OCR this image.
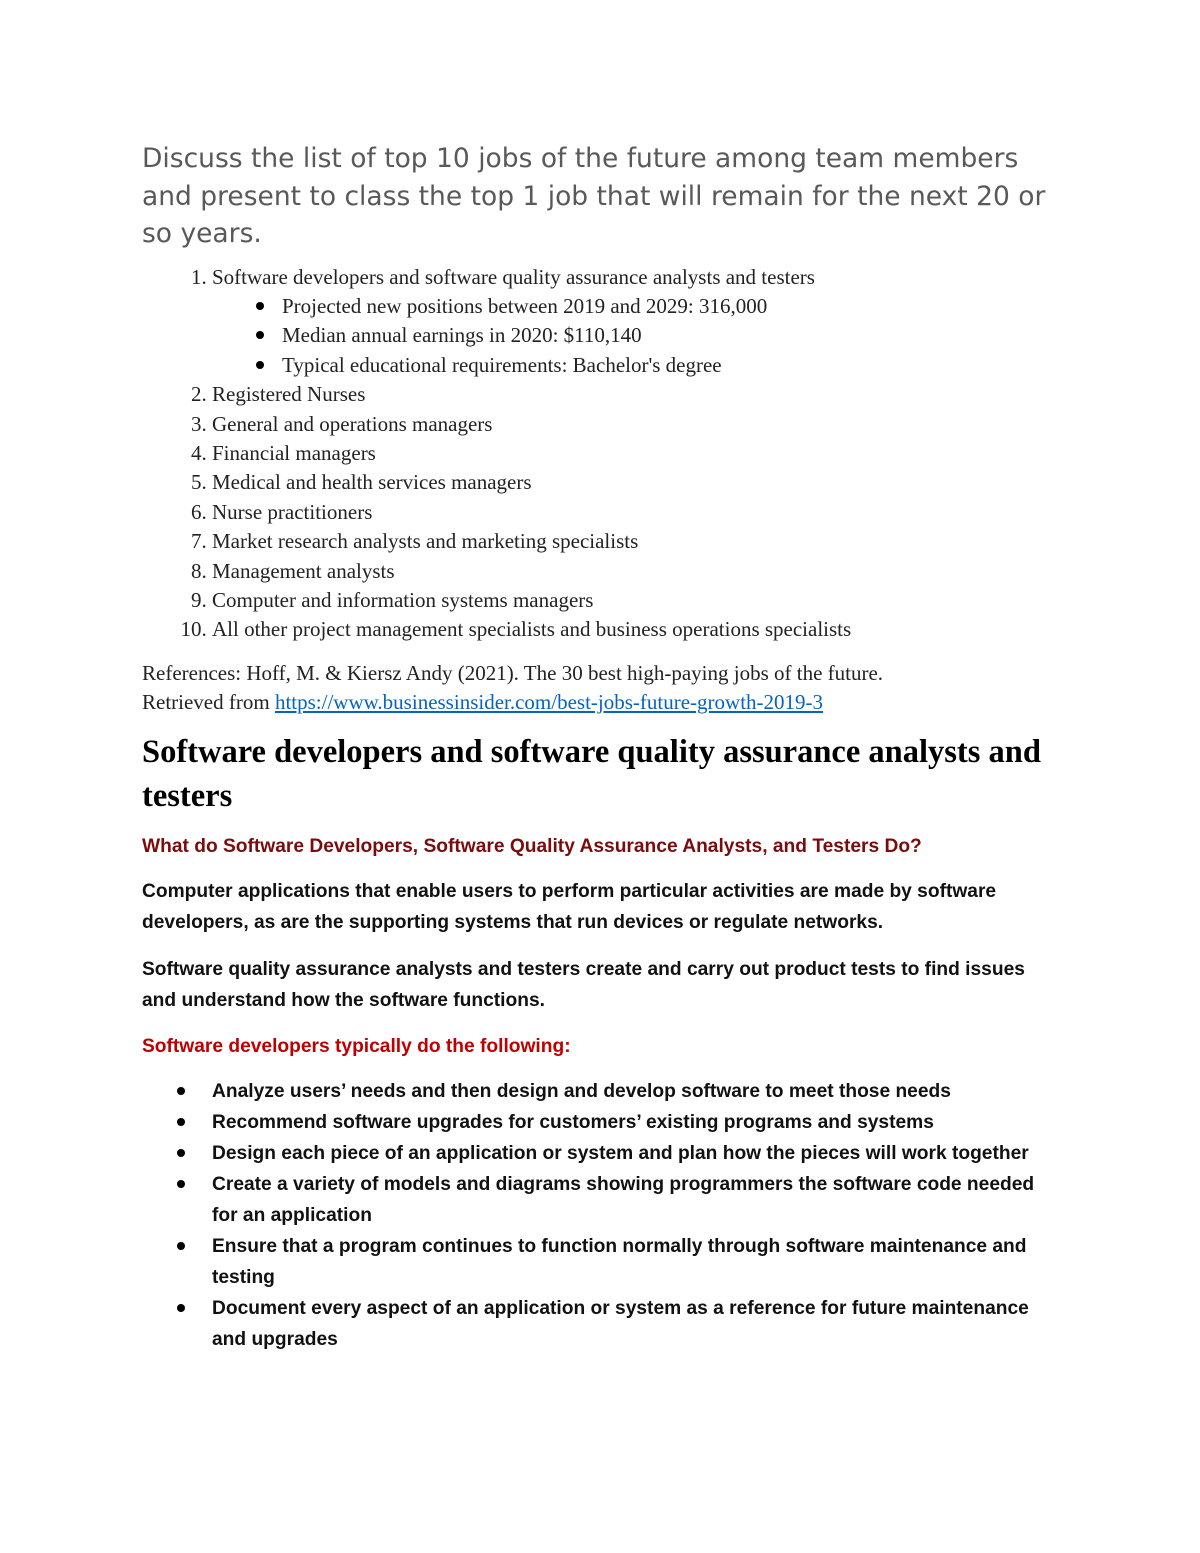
Discuss the list of top 10 jobs of the future among team members and present to class the top 1 job that will remain for the next 20 or so years.

1. Software developers and software quality assurance analysts and testers
Projected new positions between 2019 and 2029: 316,000
Median annual earnings in 2020: $110,140
Typical educational requirements: Bachelor's degree
2. Registered Nurses
3. General and operations managers
4. Financial managers
5. Medical and health services managers
6. Nurse practitioners
7. Market research analysts and marketing specialists
8. Management analysts
9. Computer and information systems managers
10. All other project management specialists and business operations specialists
References: Hoff, M. & Kiersz Andy (2021). The 30 best high-paying jobs of the future.
Retrieved from https://www.businessinsider.com/best-jobs-future-growth-2019-3
Software developers and software quality assurance analysts and testers
What do Software Developers, Software Quality Assurance Analysts, and Testers Do?

Computer applications that enable users to perform particular activities are made by software developers, as are the supporting systems that run devices or regulate networks.

Software quality assurance analysts and testers create and carry out product tests to find issues and understand how the software functions.

Software developers typically do the following:
Analyze users’ needs and then design and develop software to meet those needs
Recommend software upgrades for customers’ existing programs and systems
Design each piece of an application or system and plan how the pieces will work together
Create a variety of models and diagrams showing programmers the software code needed for an application
Ensure that a program continues to function normally through software maintenance and testing
Document every aspect of an application or system as a reference for future maintenance and upgrades
